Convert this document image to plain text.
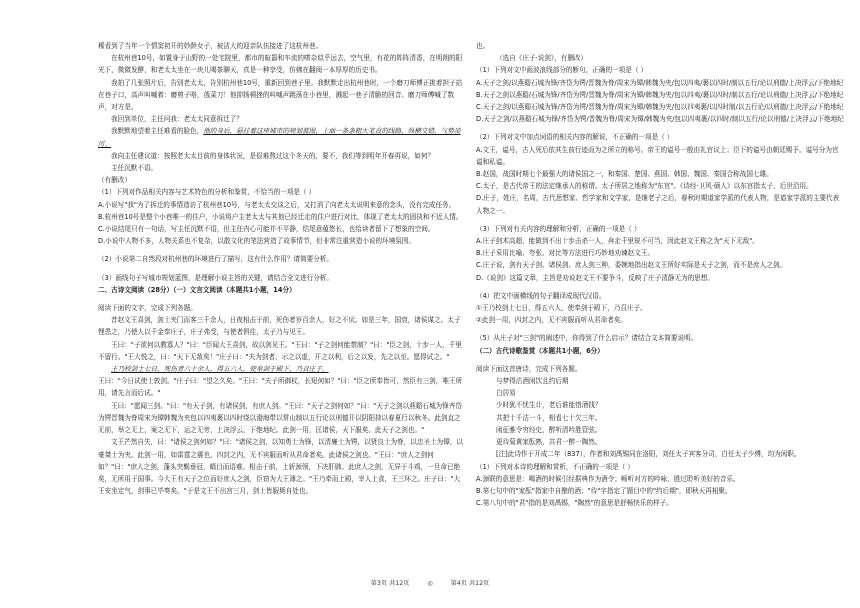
稀看到了当年一个情窦初开的妙龄女子，被洁大的迎亲队伍接进了这杭州巷。

在杭州巷10号，如置身于山野的一处宅院里，都市的暄嚣和车流的嗜杂似乎远去，空气里，有花的阵阵清香，在明朗的阳光下，微微发酵，和老太太坐在一块儿喝茶聊天，真是一种享受，仿佛在翻阅一本厚厚的历史书。

我拍了几张照片后，告别老太太，告别杭州巷10号，重新回到巷子里。我默默走出杭州巷时，一个磨刀师傅正挑着担子站在巷子口，高声叫喊着：磨剪子咯，戗菜刀！他抑扬顿挫的叫喊声跳荡在小巷里，溅起一巷子清脆的回音。磨刀师傅喊了数声，对方是。

我回到单位，主任问我：老太太同意拆迁了？

我默默地望着主任难看的脸色，他的身后，悬挂着这座城市的规划蓝图，上面一条条粗大笔直的线路，纵横交错，气势凌厉。

我向主任建议道：按照老太太目前的身体状况，是很难熬过这个冬天的，要不，我们等到明年开春再说，如何？

主任沉默不语。

（有删改）

（1）下列对作品相关内容与艺术特色的分析和鉴赏，不恰当的一项是（ ）

A.小说写"我"为了拆迁的事情造访了杭州巷10号，与老太太交谈之后，又打消了向老太太说明来意的念头，没有完成任务。

B.杭州巷10号是整个小巷唯一的住户，小说将户主老太太与其他已经迁走的住户进行对比，体现了老太太的固执和不近人情。

C.小说结尾只有一句话，写主任沉默不语，但主任内心可能并不平静，结尾意蕴悠长，也给读者留下了想象的空间。

D.小说中人物不多，人物关系也不复杂，以散文化的笔法营造了故事情节，但非常注重营造小说的环境氛围。

（2）小说第二自然段对杭州巷的环境进行了描写，这有什么作用？请简要分析。

（3）画线句子写城市规划蓝图，是理解小说主旨的关键，请结合全文进行分析。

二、古诗文阅读（28分）（一）文言文阅读（本题共1小题，14分）

阅读下面的文字，完成下列各题。

昔赵文王喜剑，剑士夹门而客三千余人，日夜相击于前，死伤者岁百余人，好之不厌。如是三年，国衰，诸侯谋之。太子悝患之，乃使人以千金奉庄子，庄子弗受，与使者俱往，太子乃与见王。

王曰："子欲何以教寡人？"曰："臣闻大王喜剑，故以剑见王。"王曰："子之剑何能禁制？"曰："臣之剑，十步一人，千里不留行。"王大悦之，曰："天下无敌矣！"庄子曰："夫为剑者，示之以虚，开之以利，后之以发，先之以至。愿得试之。"

王乃校剑士七日，死伤者六十余人，得五六人，使奉剑于殿下，乃召庄子。

王曰："今日试使士敦剑。"庄子曰："望之久矣。"王曰："夫子所御杖，长短何如？"曰："臣之所奉皆可，然臣有三剑，唯王所用，请先言而后试。"

王曰："愿闻三剑。"曰："有天子剑，有诸侯剑，有庶人剑。"王曰："天子之剑何如？"曰："天子之剑以燕谿石城为锋齐岱为锷晋魏为脊周宋为镡韩魏为夹包以四夷裹以四时绕以渤海带以常山制以五行论以刑德开以阴阳持以春夏行以秋冬。此剑直之无前，举之无上，案之无下，运之无旁，上决浮云，下绝地纪。此剑一用，匡诸侯，天下服矣。此天子之剑也。"

文王芒然自失，曰："诸侯之剑何如？"曰："诸侯之剑，以知勇士为锋，以清廉士为锷，以贤良士为脊，以忠圣士为镡，以豪桀士为夹。此剑一用，如雷霆之震也，四封之内，无不宾服而听从君命者矣。此诸侯之剑也。"王曰："庶人之剑何如？"曰："庶人之剑，蓬头突鬓垂冠，瞋目而语难。相击于前，上斩颈领，下决肝肺。此庶人之剑，无异于斗鸡，一旦命已绝矣，无所用于国事。今大王有天子之位而好庶人之剑，臣窃为大王薄之。"王乃牵而上殿，宰人上食，王三环之。庄子曰："大王安坐定气，剑事已毕奏矣。"于是文王不出宫三月，剑士皆服毙自处也。

也。

（选自《庄子·说剑》，有删改）

（1）下列对文中画波浪线部分的断句，正确的一项是（ ）

A.天子之剑/以燕谿石城为锋/齐岱为锷/晋魏为脊/周宋为镡/韩魏为夹/包以四夷/裹以四时/制以五行/论以刑德/上决浮云/下绝地纪

B.天子之剑以燕谿/石城为锋/齐岱为锷/晋魏为脊/周宋为镡/韩魏为夹/包以四夷/裹以四时/制以五行/论以刑德/上决浮云/下绝地纪

C.天子之剑/以燕谿石城为锋/齐岱为锷/晋魏为脊/周宋为镡/韩魏为夹/包以四夷裹/以四时制/以五行论/以刑德/上决浮云/下绝地纪

D.天子之剑/以燕谿石城为锋/齐岱为锷/晋魏为脊/周宋为镡/韩魏为夹/包以四夷裹/以四时/制以五行/论以刑德/上决浮云/下绝地纪

（2）下列对文中加点词语的相关内容的解说，不正确的一项是（ ）

A.文王，谥号，古人死后依其生前行迹而为之所立的称号。帝王的谥号一般由礼官议上；臣下的谥号由朝廷赐予。谥号分为官谥和私谥。

B.赵国，战国时期七个最强大的诸侯国之一，和秦国、楚国、燕国、韩国、魏国、秦国合称战国七雄。

C.太子，是古代帝王的法定继承人的称谓。太子所居之地称为"东宫"。《诗经·卫风·硕人》以东宫指太子，后世沿用。

D.庄子，姓庄，名周，古代思想家、哲学家和文学家，是继老子之后，春秋时期道家学派的代表人物，是道家学派的主要代表人物之一。

（3）下列对有关内容的理解和分析，正确的一项是（ ）

A.庄子剑术高超，能做到不出十步击杀一人，奔走千里锐不可当，因此赵文王称之为"天下无敌"。

B.庄子采用比喻、夸张、对比等方法进行巧妙地劝谏赵文王。

C.庄子说，剑有天子剑、诸侯剑、庶人剑三种，委婉地指出赵文王所好实际是天子之剑，而不是庶人之剑。

D.《说剑》这篇文章，主旨是劝说赵文王不要争斗，反映了庄子清静无为的思想。

（4）把文中画横线的句子翻译成现代汉语。

①王乃校剑士七日，得五六人，使奉剑于殿下，乃召庄子。

②此剑一用，四封之内，无不宾服而听从君命者矣。

（5）从庄子对"三剑"的阐述中，你得到了什么启示？请结合文本简要说明。

（二）古代诗歌鉴赏（本题共1小题，6分）

阅读下面这首唐诗，完成下列各题。

与梦得沽酒闲饮且约后期

白居易

少时犹不忧生计，老后谁能惜酒钱？

共把十千沽一斗，相看七十欠三年。

闲征雅令穷经史，醉听清吟胜管弦。

更待菊黄家酝熟，共君一醉一陶然。

[注]此诗作于开成二年（837），作者和刘禹锡同在洛阳，刘任太子宾客分司，白任太子少傅，均为闲职。

（1）下列对本诗的理解和赏析，不正确的一项是（ ）

A.颈联的意思是：喝酒的时候引经据典作为酒令；畅听对方的吟咏，胜过聆听美好的音乐。

B.第七句中的"家酝"指家中自酿的酒；"待"字指定了题目中的"约后期"，即秋天再相聚。

C.第八句中的"君"指的是刘禹锡，"陶然"的意思是舒畅快乐的样子。

第3页 共12页	◎	第4页 共12页
